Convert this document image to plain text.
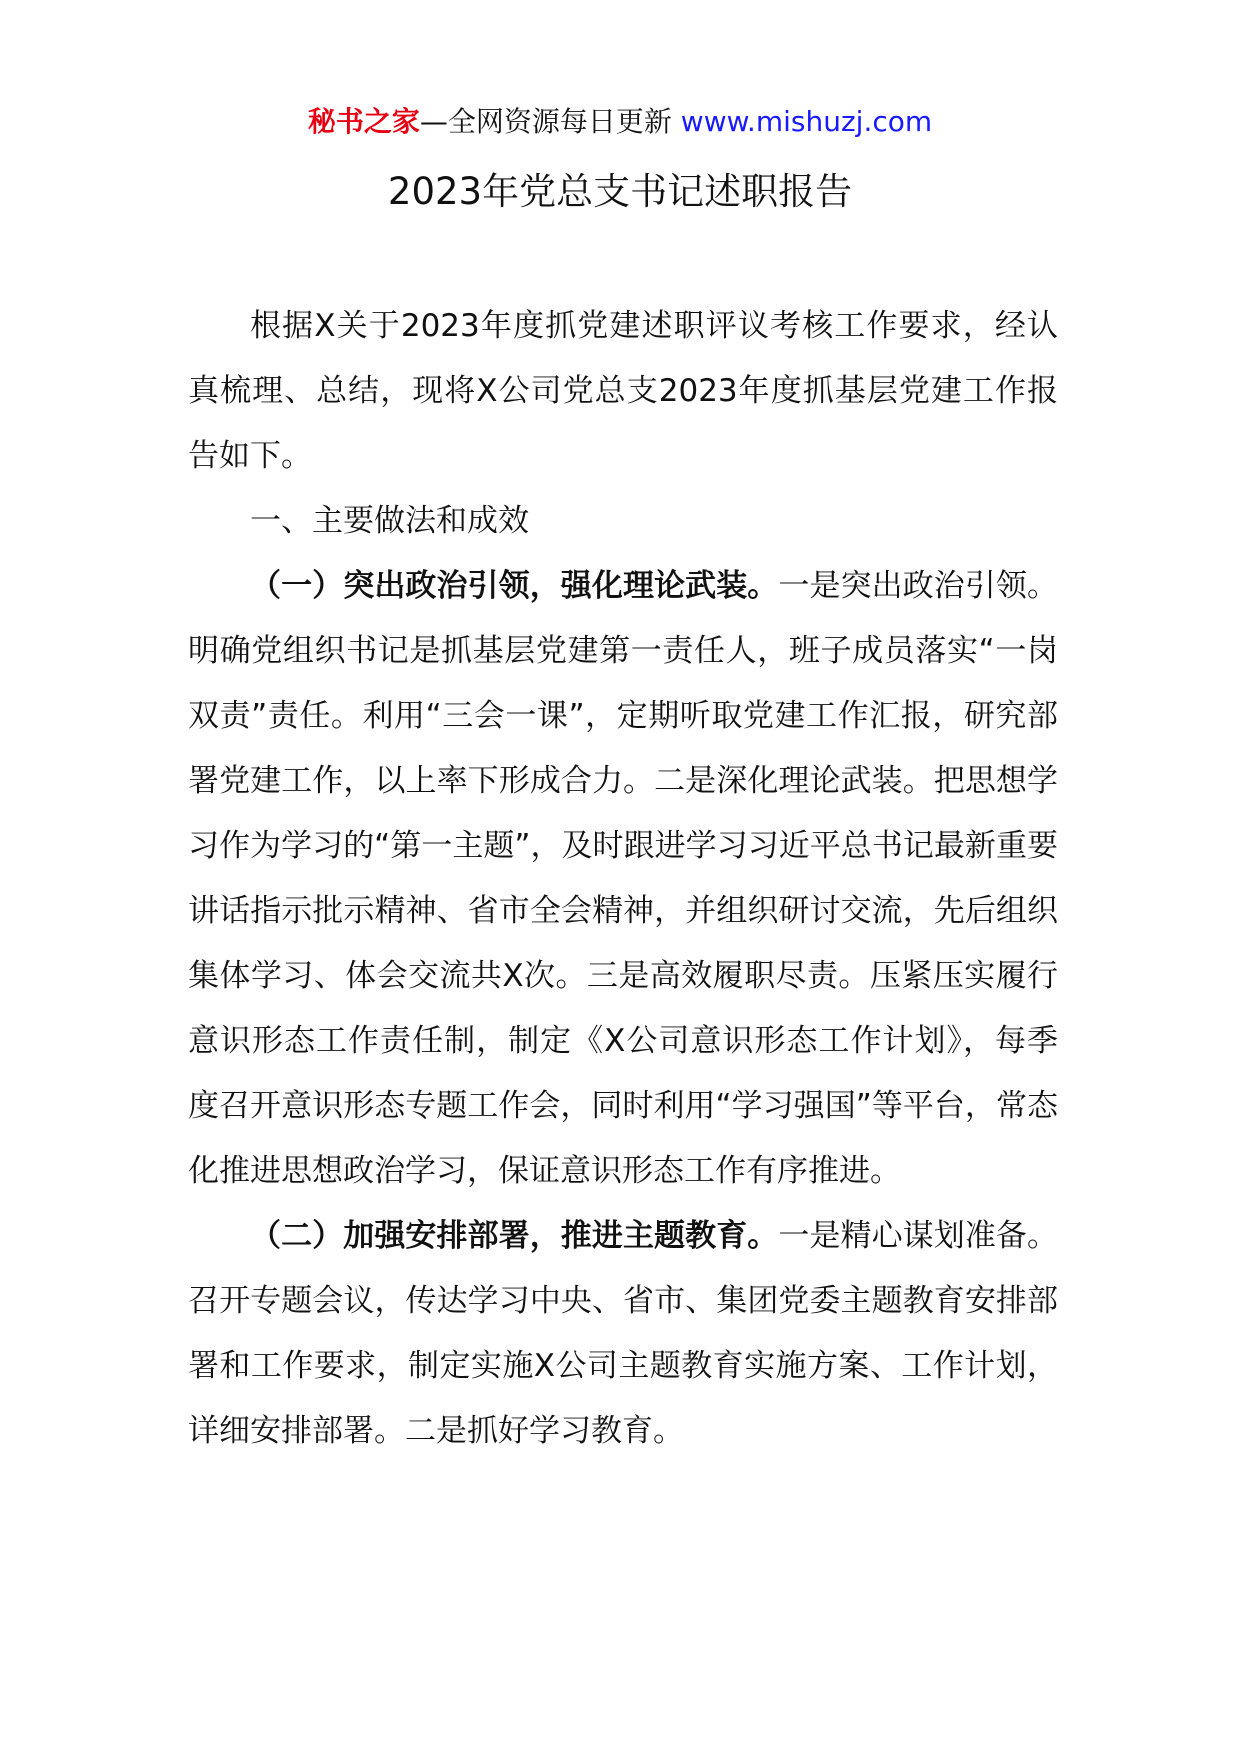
秘书之家—全网资源每日更新 www.mishuzj.com
2023年党总支书记述职报告

根据X关于2023年度抓党建述职评议考核工作要求，经认真梳理、总结，现将X公司党总支2023年度抓基层党建工作报告如下。

一、主要做法和成效

（一）突出政治引领，强化理论武装。一是突出政治引领。明确党组织书记是抓基层党建第一责任人，班子成员落实“一岗双责”责任。利用“三会一课”，定期听取党建工作汇报，研究部署党建工作，以上率下形成合力。二是深化理论武装。把思想学习作为学习的“第一主题”，及时跟进学习习近平总书记最新重要讲话指示批示精神、省市全会精神，并组织研讨交流，先后组织集体学习、体会交流共X次。三是高效履职尽责。压紧压实履行意识形态工作责任制，制定《X公司意识形态工作计划》，每季度召开意识形态专题工作会，同时利用“学习强国”等平台，常态化推进思想政治学习，保证意识形态工作有序推进。

（二）加强安排部署，推进主题教育。一是精心谋划准备。召开专题会议，传达学习中央、省市、集团党委主题教育安排部署和工作要求，制定实施X公司主题教育实施方案、工作计划，详细安排部署。二是抓好学习教育。
